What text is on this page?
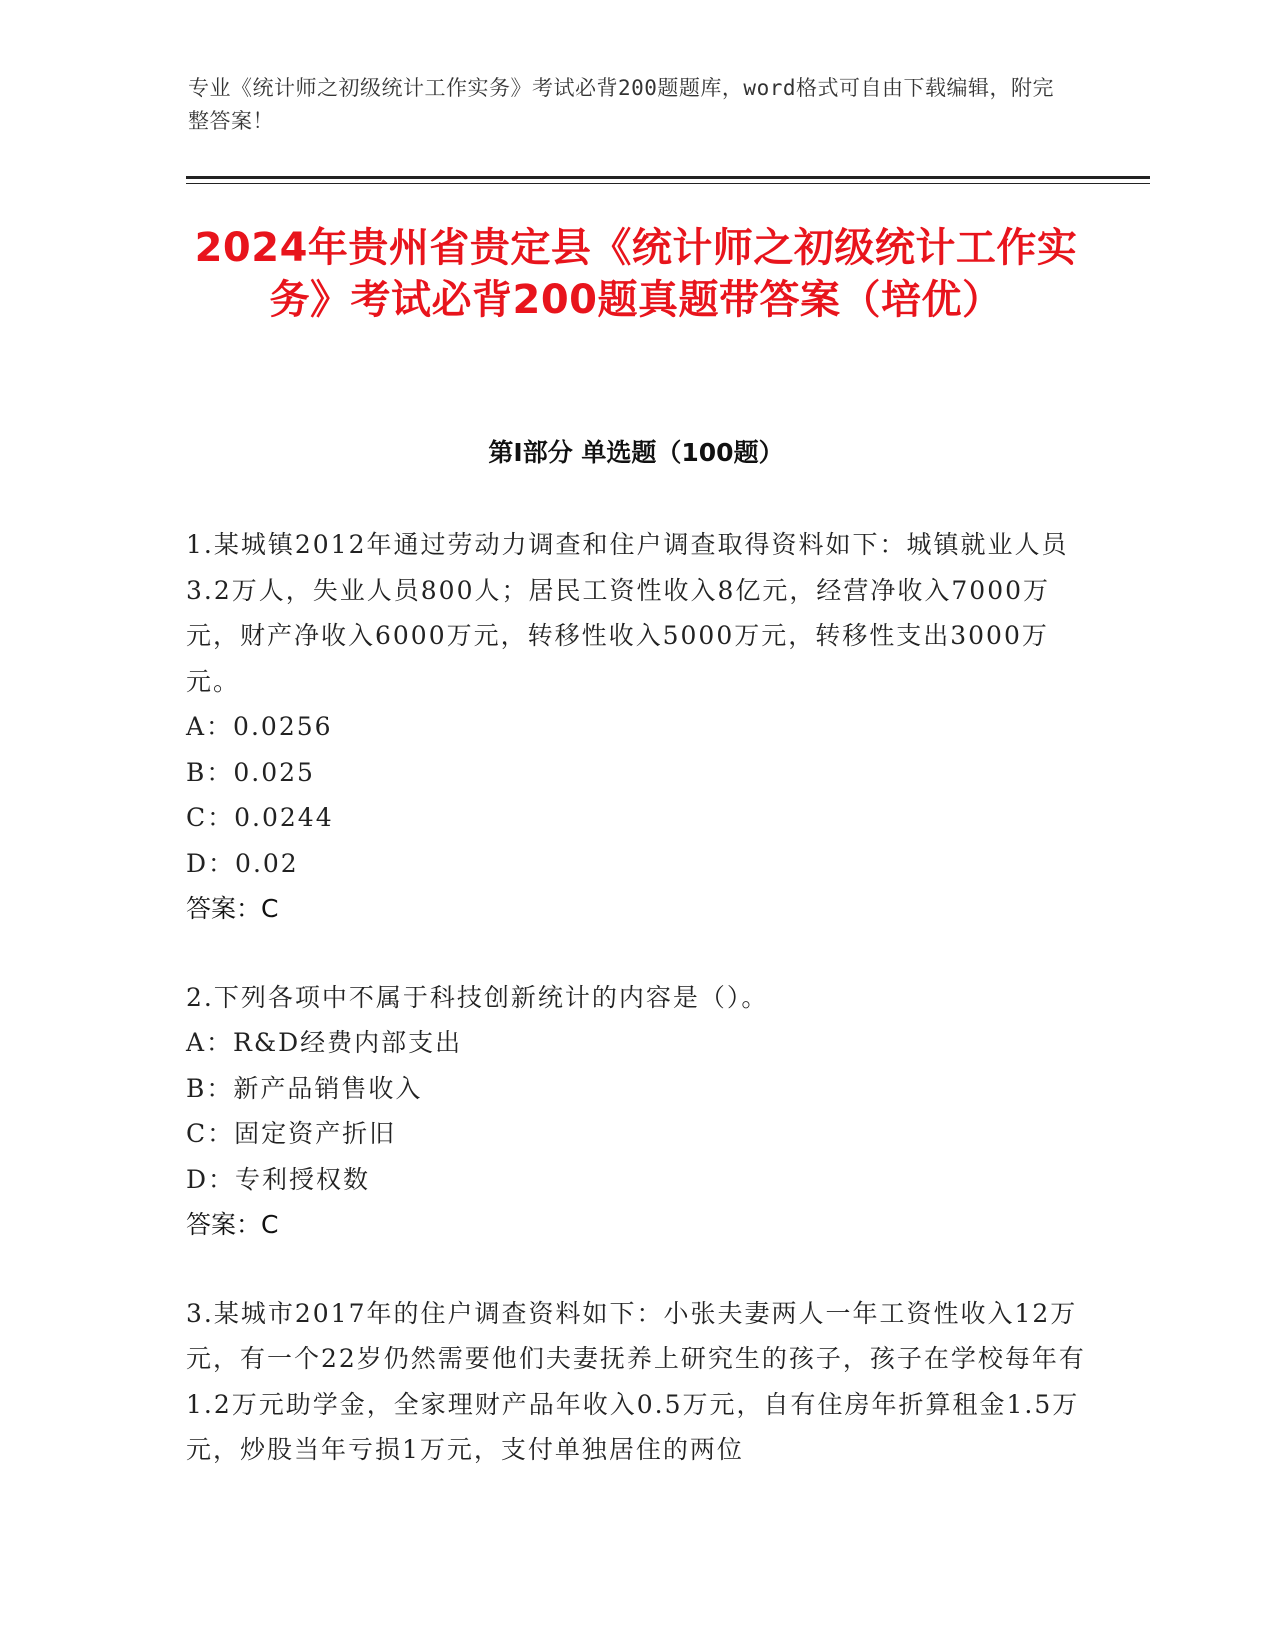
专业《统计师之初级统计工作实务》考试必背200题题库，word格式可自由下载编辑，附完整答案！
2024年贵州省贵定县《统计师之初级统计工作实务》考试必背200题真题带答案（培优）
第I部分 单选题（100题）
1.某城镇2012年通过劳动力调查和住户调查取得资料如下：城镇就业人员3.2万人，失业人员800人；居民工资性收入8亿元，经营净收入7000万元，财产净收入6000万元，转移性收入5000万元，转移性支出3000万元。
A：0.0256
B：0.025
C：0.0244
D：0.02
答案：C
2.下列各项中不属于科技创新统计的内容是（）。
A：R&D经费内部支出
B：新产品销售收入
C：固定资产折旧
D：专利授权数
答案：C
3.某城市2017年的住户调查资料如下：小张夫妻两人一年工资性收入12万元，有一个22岁仍然需要他们夫妻抚养上研究生的孩子，孩子在学校每年有1.2万元助学金，全家理财产品年收入0.5万元，自有住房年折算租金1.5万元，炒股当年亏损1万元，支付单独居住的两位
